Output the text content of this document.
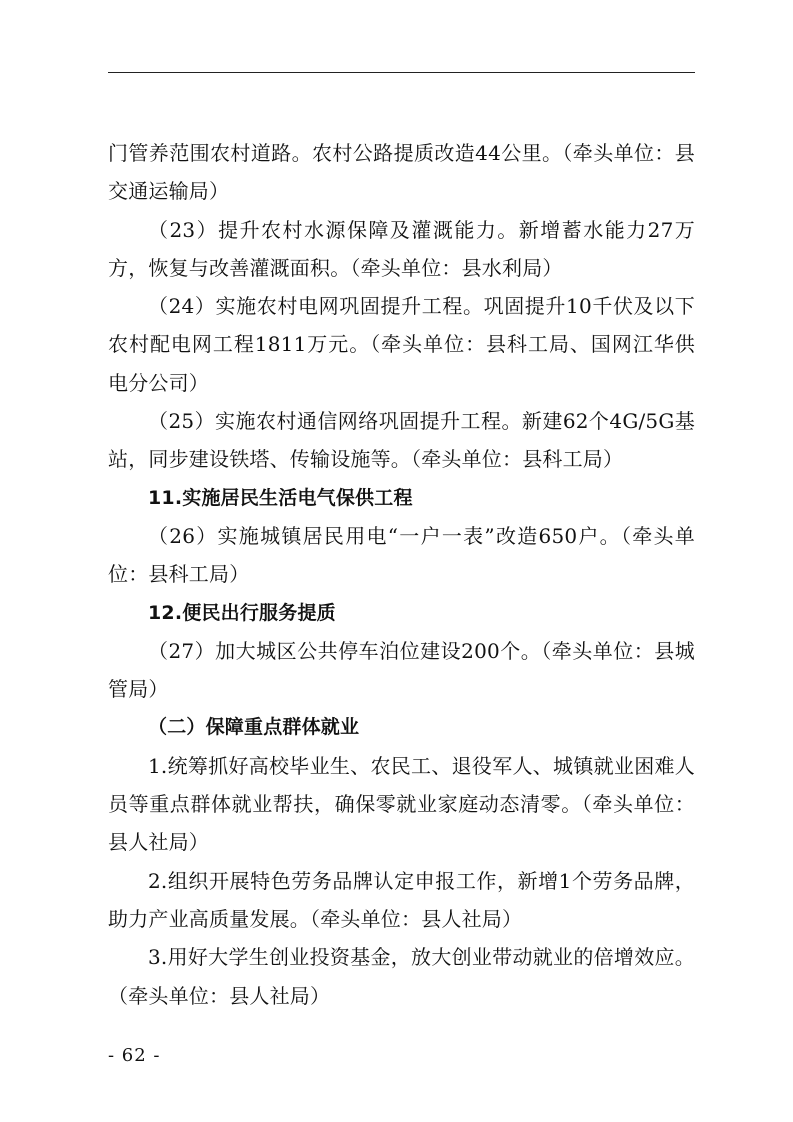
门管养范围农村道路。农村公路提质改造44公里。（牵头单位：县交通运输局）

（23）提升农村水源保障及灌溉能力。新增蓄水能力27万方，恢复与改善灌溉面积。（牵头单位：县水利局）

（24）实施农村电网巩固提升工程。巩固提升10千伏及以下农村配电网工程1811万元。（牵头单位：县科工局、国网江华供电分公司）

（25）实施农村通信网络巩固提升工程。新建62个4G/5G基站，同步建设铁塔、传输设施等。（牵头单位：县科工局）

11.实施居民生活电气保供工程

（26）实施城镇居民用电“一户一表”改造650户。（牵头单位：县科工局）

12.便民出行服务提质

（27）加大城区公共停车泊位建设200个。（牵头单位：县城管局）

（二）保障重点群体就业

1.统筹抓好高校毕业生、农民工、退役军人、城镇就业困难人员等重点群体就业帮扶，确保零就业家庭动态清零。（牵头单位：县人社局）

2.组织开展特色劳务品牌认定申报工作，新增1个劳务品牌，助力产业高质量发展。（牵头单位：县人社局）

3.用好大学生创业投资基金，放大创业带动就业的倍增效应。（牵头单位：县人社局）

- 62 -
